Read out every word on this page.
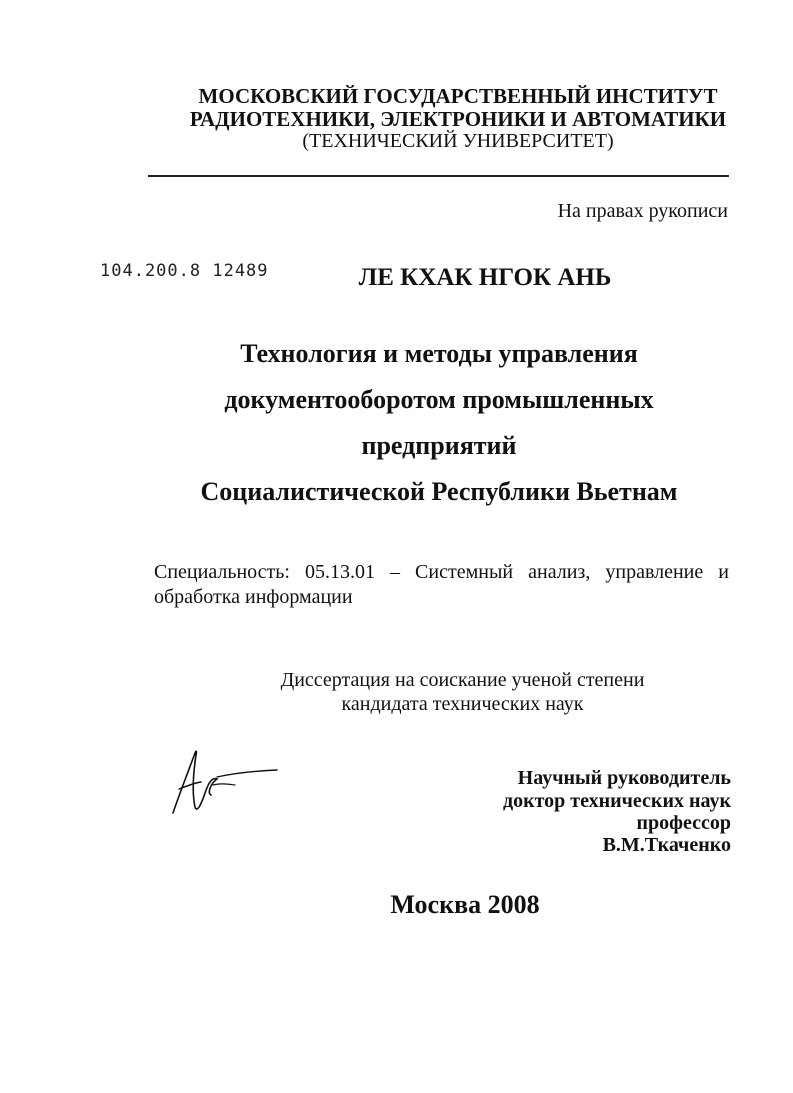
МОСКОВСКИЙ ГОСУДАРСТВЕННЫЙ ИНСТИТУТ
РАДИОТЕХНИКИ, ЭЛЕКТРОНИКИ И АВТОМАТИКИ
(ТЕХНИЧЕСКИЙ УНИВЕРСИТЕТ)
На правах рукописи
104.200.8 12489	ЛЕ КХАК НГОК АНЬ
Технология и методы управления
документооборотом промышленных
предприятий
Социалистической Республики Вьетнам
Специальность: 05.13.01 – Системный анализ, управление и
обработка информации
Диссертация на соискание ученой степени
кандидата технических наук
Научный руководитель
доктор технических наук
профессор
В.М.Ткаченко
Москва 2008
